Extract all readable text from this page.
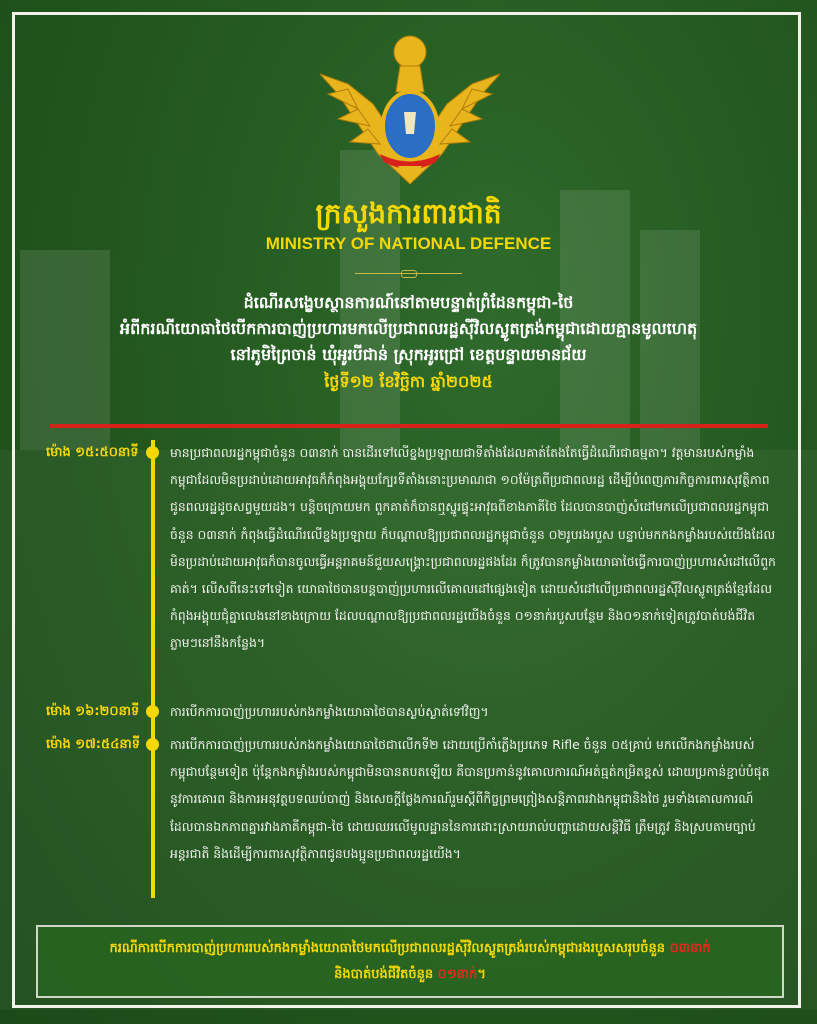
ក្រសួងការពារជាតិ
MINISTRY OF NATIONAL DEFENCE
ដំណើរសង្ខេបស្ថានការណ៍នៅតាមបន្ទាត់ព្រំដែនកម្ពុជា-ថៃ
អំពីករណីយោធាថៃបើកការបាញ់ប្រហារមកលើប្រជាពលរដ្ឋស៊ីវិលស្លូតត្រង់កម្ពុជាដោយគ្មានមូលហេតុ
នៅភូមិព្រៃចាន់ ឃុំអូរបីជាន់ ស្រុកអូរជ្រៅ ខេត្តបន្ទាយមានជ័យ
ថ្ងៃទី១២ ខែវិច្ឆិកា ឆ្នាំ២០២៥
ម៉ោង ១៥:៥០នាទី	មានប្រជាពលរដ្ឋកម្ពុជាចំនួន ០៣នាក់ បានដើរទៅលើខ្នងប្រឡាយជាទីតាំងដែលគាត់តែងតែធ្វើដំណើរជាធម្មតា។ វត្តមានរបស់កម្លាំងកម្ពុជាដែលមិនប្រដាប់ដោយអាវុធក៏កំពុងអង្គុយក្បែរទីតាំងនោះប្រមាណជា ១០ម៉ែត្រពីប្រជាពលរដ្ឋ ដើម្បីបំពេញភារកិច្ចការពារសុវត្ថិភាពជូនពលរដ្ឋដូចសព្វមួយដង។ បន្តិចក្រោយមក ពួកគាត់ក៏បានឮស្នូរផ្ទុះអាវុធពីខាងភាគីថៃ ដែលបានបាញ់សំដៅមកលើប្រជាពលរដ្ឋកម្ពុជាចំនួន ០៣នាក់ កំពុងធ្វើដំណើរលើខ្នងប្រឡាយ ក៏បណ្តាលឱ្យប្រជាពលរដ្ឋកម្ពុជាចំនួន ០២រូបរងរបួស បន្ទាប់មកកងកម្លាំងរបស់យើងដែលមិនប្រដាប់ដោយអាវុធក៏បានចូលធ្វើអន្តរាគមន៍ជួយសង្គ្រោះប្រជាពលរដ្ឋផងដែរ ក៏ត្រូវបានកម្លាំងយោធាថៃធ្វើការបាញ់ប្រហារសំដៅលើពួកគាត់។ លើសពីនេះទៅទៀត យោធាថៃបានបន្តបាញ់ប្រហារលើគោលដៅផ្សេងទៀត ដោយសំដៅលើប្រជាពលរដ្ឋស៊ីវិលស្លូតត្រង់ខ្មែរដែលកំពុងអង្គុយជុំគ្នាលេងនៅខាងក្រោយ ដែលបណ្តាលឱ្យប្រជាពលរដ្ឋយើងចំនួន ០១នាក់របួសបន្ថែម និង០១នាក់ទៀតត្រូវបាត់បង់ជីវិតភ្លាមៗនៅនឹងកន្លែង។
ម៉ោង ១៦:២០នាទី ការបើកការបាញ់ប្រហាររបស់កងកម្លាំងយោធាថៃបានស្ងប់ស្ងាត់ទៅវិញ។
ម៉ោង ១៧:៥៤នាទី ការបើកការបាញ់ប្រហាររបស់កងកម្លាំងយោធាថៃជាលើកទី២ ដោយប្រើកាំភ្លើងប្រភេទ Rifle ចំនួន ០៥គ្រាប់ មកលើកងកម្លាំងរបស់កម្ពុជាបន្ថែមទៀត ប៉ុន្តែកងកម្លាំងរបស់កម្ពុជាមិនបានតបតឡើយ គឺបានប្រកាន់នូវគោលការណ៍អត់ធ្មត់កម្រិតខ្ពស់ ដោយប្រកាន់ខ្ជាប់បំផុតនូវការគោរព និងការអនុវត្តបទឈប់បាញ់ និងសេចក្តីថ្លែងការណ៍រួមស្តីពីកិច្ចព្រមព្រៀងសន្តិភាពរវាងកម្ពុជានិងថៃ រួមទាំងគោលការណ៍ដែលបានឯកភាពគ្នារវាងភាគីកម្ពុជា-ថៃ ដោយឈរលើមូលដ្ឋាននៃការដោះស្រាយរាល់បញ្ហាដោយសន្តិវិធី ត្រឹមត្រូវ និងស្របតាមច្បាប់អន្តរជាតិ និងដើម្បីការពារសុវត្ថិភាពជូនបងប្អូនប្រជាពលរដ្ឋយើង។
ករណីការបើកការបាញ់ប្រហាររបស់កងកម្លាំងយោធាថៃមកលើប្រជាពលរដ្ឋស៊ីវិលស្លូតត្រង់របស់កម្ពុជារងរបួសសរុបចំនួន ០៣នាក់
និងបាត់បង់ជីវិតចំនួន ០១នាក់។
